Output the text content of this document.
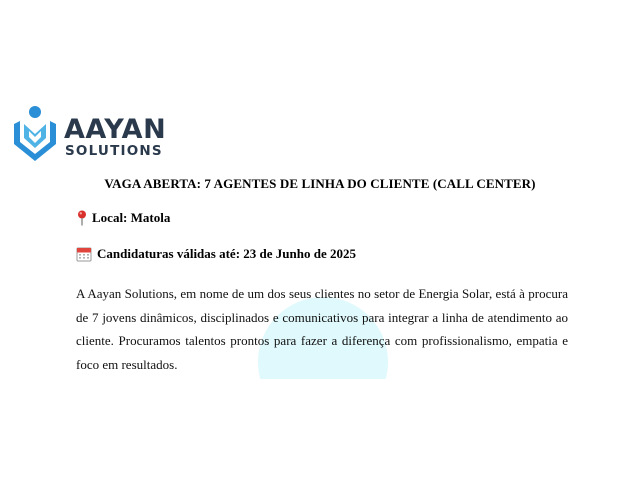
AAYAN
SOLUTIONS
VAGA ABERTA: 7 AGENTES DE LINHA DO CLIENTE (CALL CENTER)
Local: Matola
Candidaturas válidas até: 23 de Junho de 2025
A Aayan Solutions, em nome de um dos seus clientes no setor de Energia Solar, está à procura de 7 jovens dinâmicos, disciplinados e comunicativos para integrar a linha de atendimento ao cliente. Procuramos talentos prontos para fazer a diferença com profissionalismo, empatia e foco em resultados.
